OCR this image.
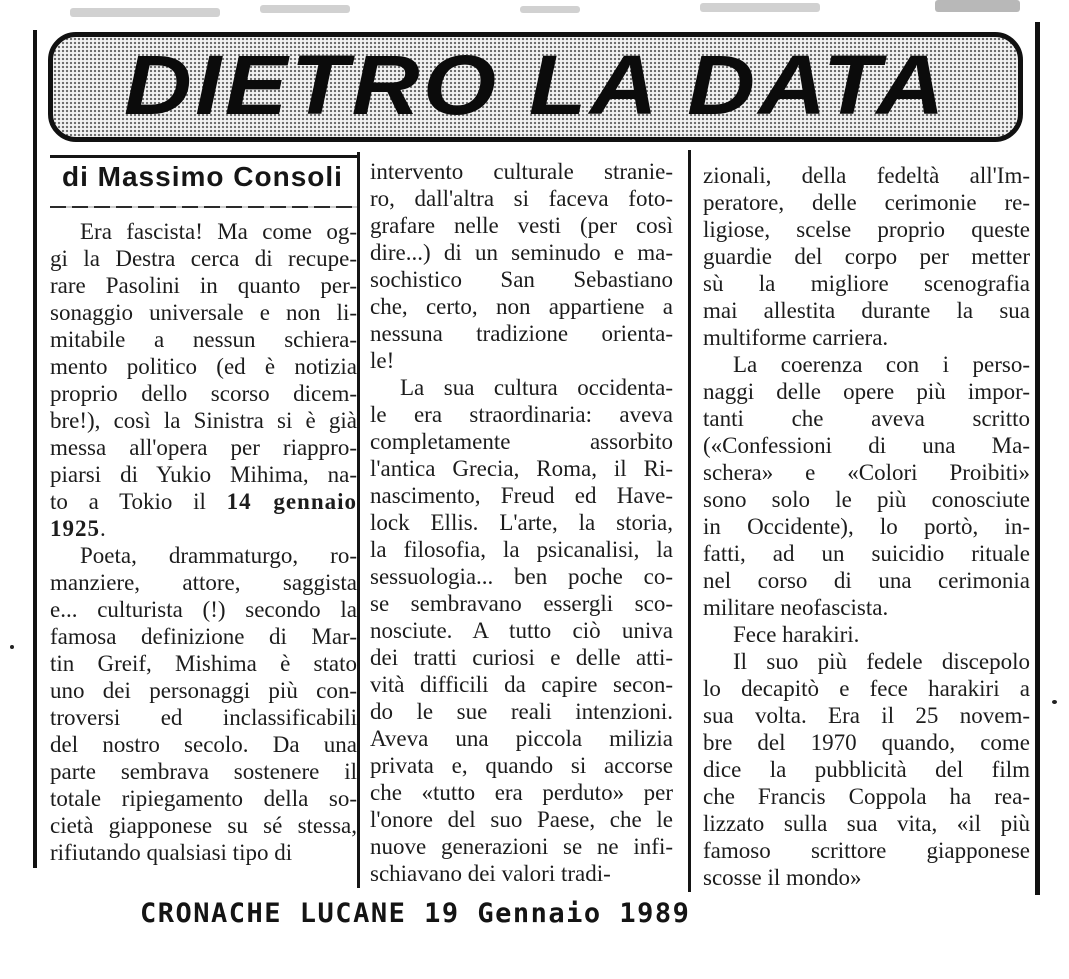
DIETRO LA DATA
di Massimo Consoli
Era fascista! Ma come og-
gi la Destra cerca di recupe-
rare Pasolini in quanto per-
sonaggio universale e non li-
mitabile a nessun schiera-
mento politico (ed è notizia
proprio dello scorso dicem-
bre!), così la Sinistra si è già
messa all'opera per riappro-
piarsi di Yukio Mihima, na-
to a Tokio il 14 gennaio
1925.
Poeta, drammaturgo, ro-
manziere, attore, saggista
e... culturista (!) secondo la
famosa definizione di Mar-
tin Greif, Mishima è stato
uno dei personaggi più con-
troversi ed inclassificabili
del nostro secolo. Da una
parte sembrava sostenere il
totale ripiegamento della so-
cietà giapponese su sé stessa,
rifiutando qualsiasi tipo di
intervento culturale stranie-
ro, dall'altra si faceva foto-
grafare nelle vesti (per così
dire...) di un seminudo e ma-
sochistico San Sebastiano
che, certo, non appartiene a
nessuna tradizione orienta-
le!
La sua cultura occidenta-
le era straordinaria: aveva
completamente assorbito
l'antica Grecia, Roma, il Ri-
nascimento, Freud ed Have-
lock Ellis. L'arte, la storia,
la filosofia, la psicanalisi, la
sessuologia... ben poche co-
se sembravano essergli sco-
nosciute. A tutto ciò univa
dei tratti curiosi e delle atti-
vità difficili da capire secon-
do le sue reali intenzioni.
Aveva una piccola milizia
privata e, quando si accorse
che «tutto era perduto» per
l'onore del suo Paese, che le
nuove generazioni se ne infi-
schiavano dei valori tradi-
zionali, della fedeltà all'Im-
peratore, delle cerimonie re-
ligiose, scelse proprio queste
guardie del corpo per metter
sù la migliore scenografia
mai allestita durante la sua
multiforme carriera.
La coerenza con i perso-
naggi delle opere più impor-
tanti che aveva scritto
(«Confessioni di una Ma-
schera» e «Colori Proibiti»
sono solo le più conosciute
in Occidente), lo portò, in-
fatti, ad un suicidio rituale
nel corso di una cerimonia
militare neofascista.
Fece harakiri.
Il suo più fedele discepolo
lo decapitò e fece harakiri a
sua volta. Era il 25 novem-
bre del 1970 quando, come
dice la pubblicità del film
che Francis Coppola ha rea-
lizzato sulla sua vita, «il più
famoso scrittore giapponese
scosse il mondo»
CRONACHE LUCANE 19 Gennaio 1989
